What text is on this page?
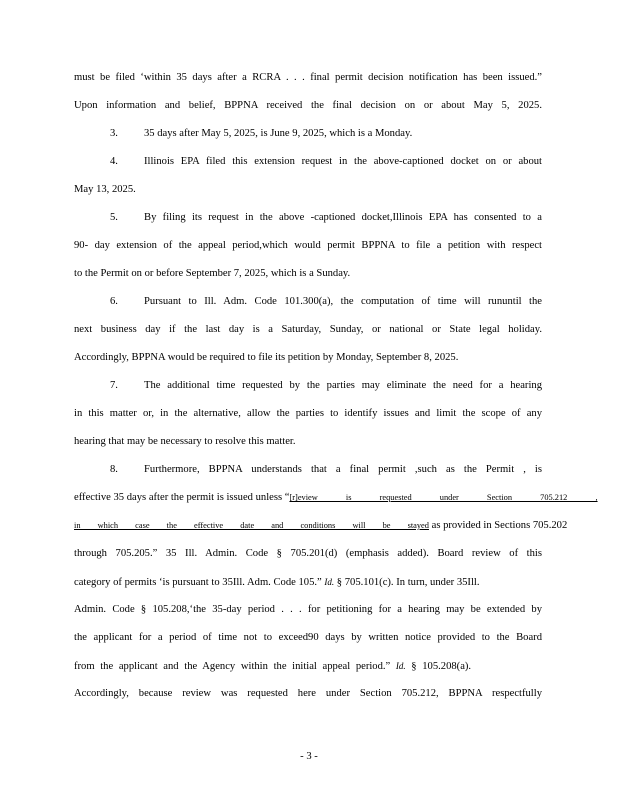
must be filed ‘within 35 days after a RCRA . . . final permit decision notification has been issued.”
Upon information and belief, BPPNA received the final decision on or about May 5, 2025.
3. 35 days after May 5, 2025, is June 9, 2025, which is a Monday.
4. Illinois EPA filed this extension request in the above-captioned docket on or about
May 13, 2025.
5. By filing its request in the above -captioned docket,Illinois EPA has consented to a
90- day extension of the appeal period,which would permit BPPNA to file a petition with respect
to the Permit on or before September 7, 2025, which is a Sunday.
6. Pursuant to Ill. Adm. Code 101.300(a), the computation of time will rununtil the
next business day if the last day is a Saturday, Sunday, or national or State legal holiday.
Accordingly, BPPNA would be required to file its petition by Monday, September 8, 2025.
7. The additional time requested by the parties may eliminate the need for a hearing
in this matter or, in the alternative, allow the parties to identify issues and limit the scope of any
hearing that may be necessary to resolve this matter.
8. Furthermore, BPPNA understands that a final permit ,such as the Permit , is
effective 35 days after the permit is issued unless “[r]eview is requested under Section 705.212 ,
in which case the effective date and conditions will be stayed as provided in Sections 705.202
through 705.205.” 35 Ill. Admin. Code § 705.201(d) (emphasis added). Board review of this
category of permits ‘is pursuant to 35Ill. Adm. Code 105.” Id. § 705.101(c). In turn, under 35Ill.
Admin. Code § 105.208,‘the 35-day period . . . for petitioning for a hearing may be extended by
the applicant for a period of time not to exceed90 days by written notice provided to the Board
from the applicant and the Agency within the initial appeal period.” Id. § 105.208(a).
Accordingly, because review was requested here under Section 705.212, BPPNA respectfully
- 3 -
